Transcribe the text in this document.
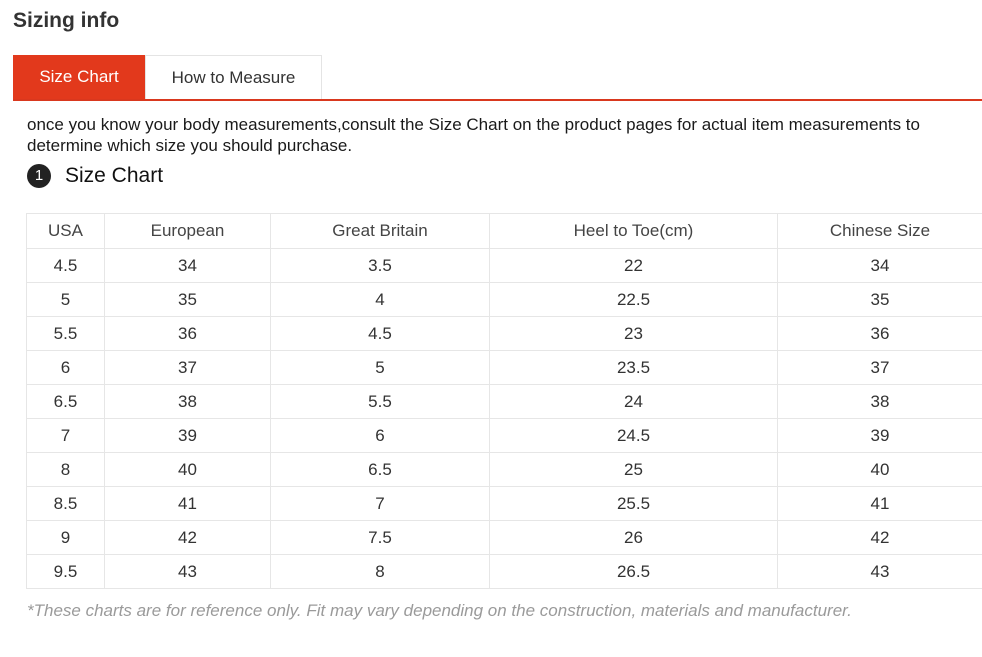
Sizing info
Size Chart	How to Measure
once you know your body measurements,consult the Size Chart on the product pages for actual item measurements to
determine which size you should purchase.
1	Size Chart
USA	European	Great Britain	Heel to Toe(cm)	Chinese Size
4.5	34	3.5	22	34
5	35	4	22.5	35
5.5	36	4.5	23	36
6	37	5	23.5	37
6.5	38	5.5	24	38
7	39	6	24.5	39
8	40	6.5	25	40
8.5	41	7	25.5	41
9	42	7.5	26	42
9.5	43	8	26.5	43
*These charts are for reference only. Fit may vary depending on the construction, materials and manufacturer.
